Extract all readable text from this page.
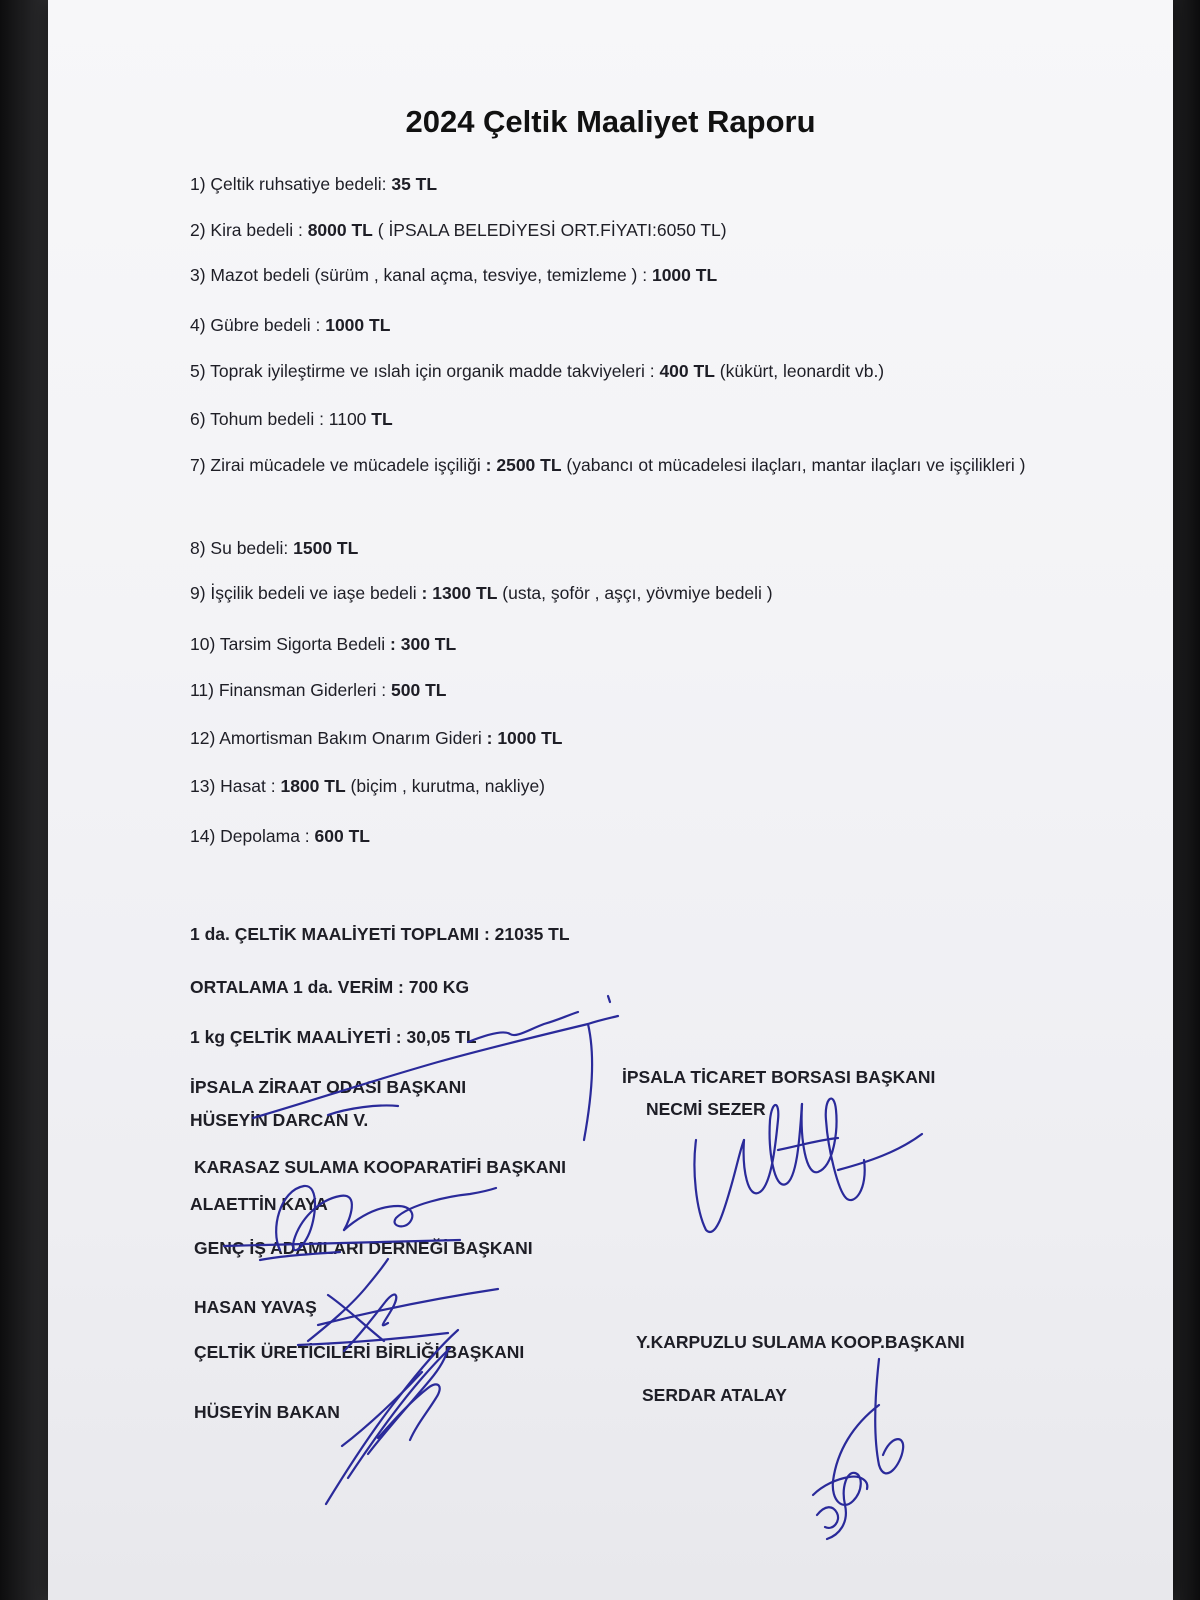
2024 Çeltik Maaliyet Raporu
1) Çeltik ruhsatiye bedeli: 35 TL
2) Kira bedeli : 8000 TL ( İPSALA BELEDİYESİ ORT.FİYATI:6050 TL)
3) Mazot bedeli (sürüm , kanal açma, tesviye, temizleme ) : 1000 TL
4) Gübre bedeli : 1000 TL
5) Toprak iyileştirme ve ıslah için organik madde takviyeleri : 400 TL (kükürt, leonardit vb.)
6) Tohum bedeli : 1100 TL
7) Zirai mücadele ve mücadele işçiliği : 2500 TL (yabancı ot mücadelesi ilaçları, mantar ilaçları ve işçilikleri )
8) Su bedeli: 1500 TL
9) İşçilik bedeli ve iaşe bedeli : 1300 TL (usta, şoför , aşçı, yövmiye bedeli )
10) Tarsim Sigorta Bedeli : 300 TL
11) Finansman Giderleri : 500 TL
12) Amortisman Bakım Onarım Gideri : 1000 TL
13) Hasat : 1800 TL (biçim , kurutma, nakliye)
14) Depolama : 600 TL
1 da. ÇELTİK MAALİYETİ TOPLAMI : 21035 TL
ORTALAMA 1 da. VERİM : 700 KG
1 kg ÇELTİK MAALİYETİ : 30,05 TL
İPSALA ZİRAAT ODASI BAŞKANI
HÜSEYİN DARCAN V.
İPSALA TİCARET BORSASI BAŞKANI
NECMİ SEZER
KARASAZ SULAMA KOOPARATİFİ BAŞKANI
ALAETTİN KAYA
GENÇ İŞ ADAMLARI DERNEĞİ BAŞKANI
HASAN YAVAŞ
ÇELTİK ÜRETİCİLERİ BİRLİĞİ BAŞKANI
HÜSEYİN BAKAN
Y.KARPUZLU SULAMA KOOP.BAŞKANI
SERDAR ATALAY
